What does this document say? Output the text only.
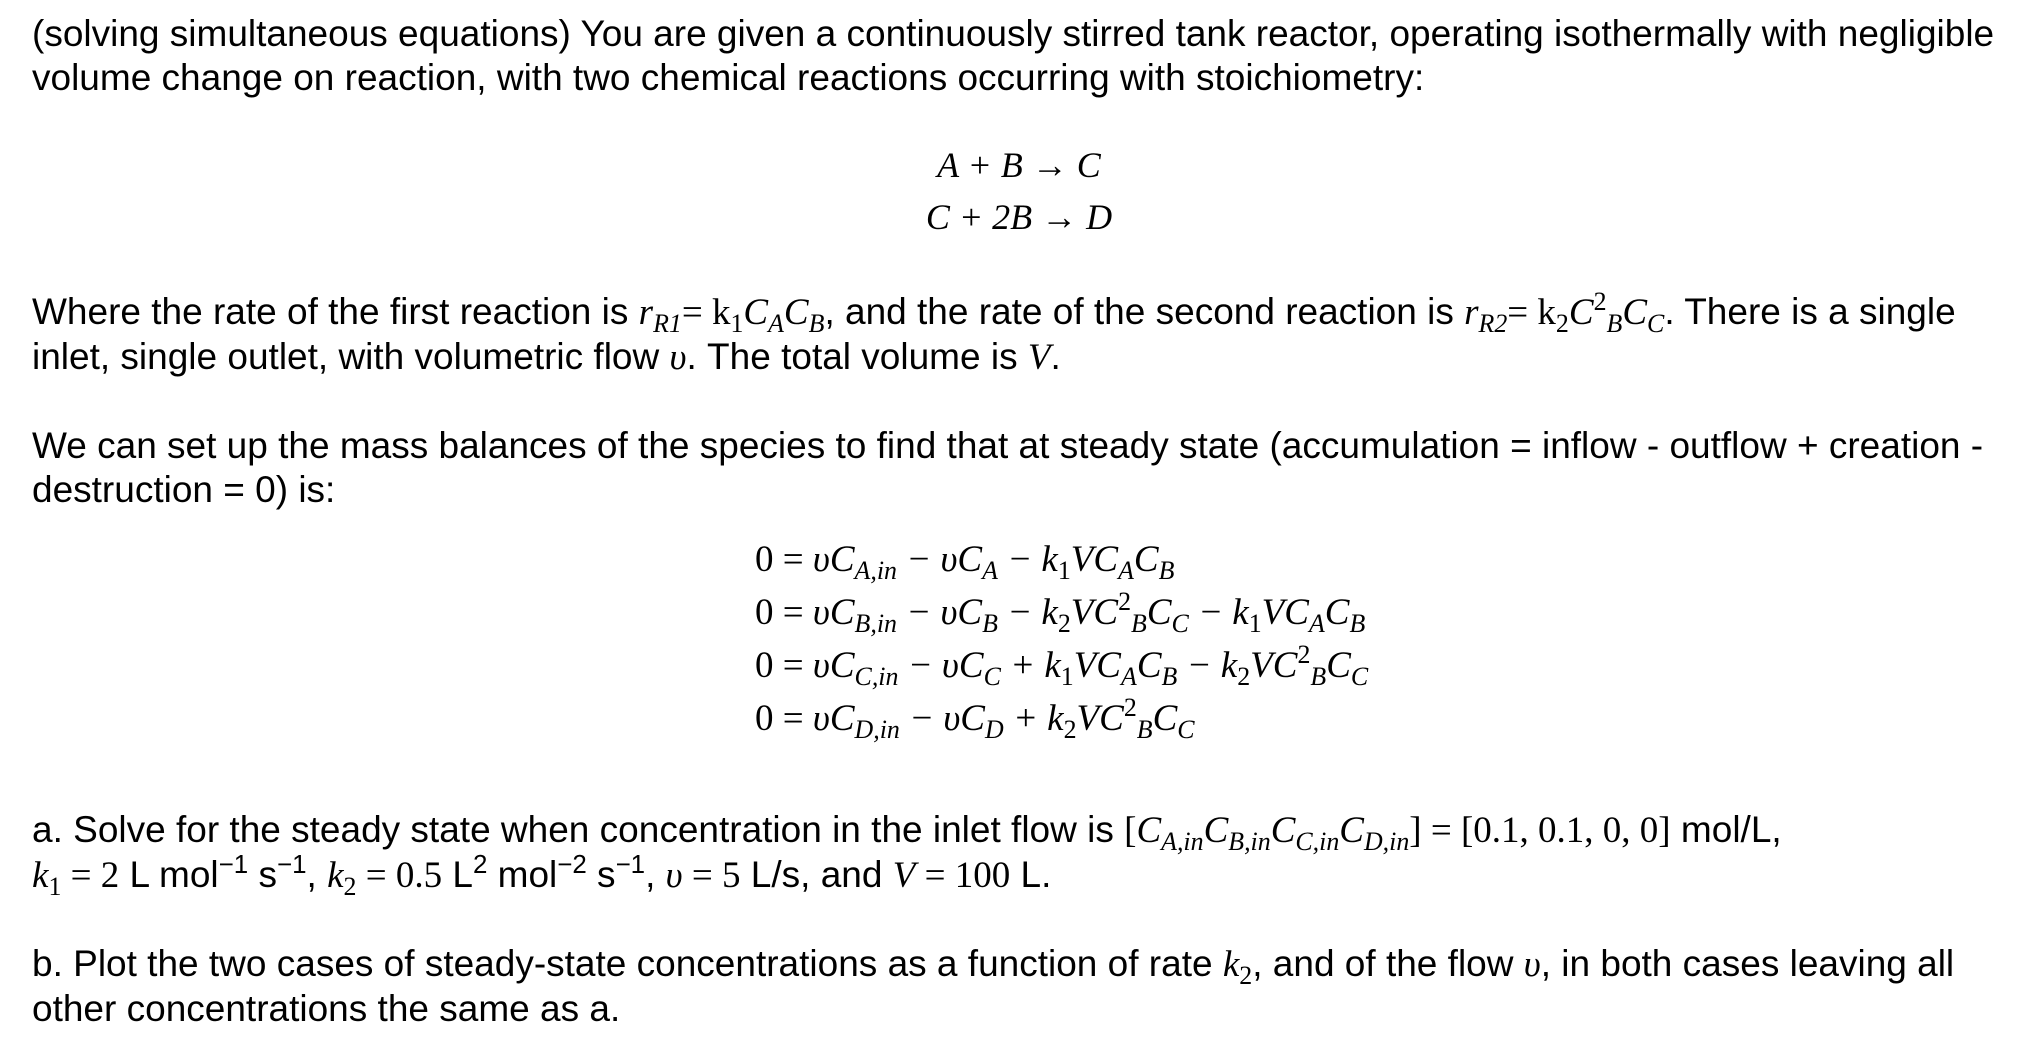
(solving simultaneous equations) You are given a continuously stirred tank reactor, operating isothermally with negligible volume change on reaction, with two chemical reactions occurring with stoichiometry:

A + B → C
C + 2B → D

Where the rate of the first reaction is $r_{R1}= k_1C_AC_B$, and the rate of the second reaction is $r_{R2}= k_2C^2_BC_C$. There is a single inlet, single outlet, with volumetric flow υ. The total volume is V.

We can set up the mass balances of the species to find that at steady state (accumulation = inflow - outflow + creation - destruction = 0) is:

$0 = \upsilon C_{A,in} - \upsilon C_A - k_1VC_AC_B$
$0 = \upsilon C_{B,in} - \upsilon C_B - k_2VC^2_BC_C - k_1VC_AC_B$
$0 = \upsilon C_{C,in} - \upsilon C_C + k_1VC_AC_B - k_2VC^2_BC_C$
$0 = \upsilon C_{D,in} - \upsilon C_D + k_2VC^2_BC_C$

a. Solve for the steady state when concentration in the inlet flow is $[C_{A,in}C_{B,in}C_{C,in}C_{D,in}] = [0.1$, 0.1, 0, 0] mol/L,
$k_1 = 2$ L mol$^{-1}$ $s^{-1}$, $k_2 = 0.5$ $L^2$ mol$^{-2}$ $s^{-1}$, υ = 5 L/s, and V = 100 L.

b. Plot the two cases of steady-state concentrations as a function of rate $k_2$, and of the flow υ, in both cases leaving all other concentrations the same as a.
